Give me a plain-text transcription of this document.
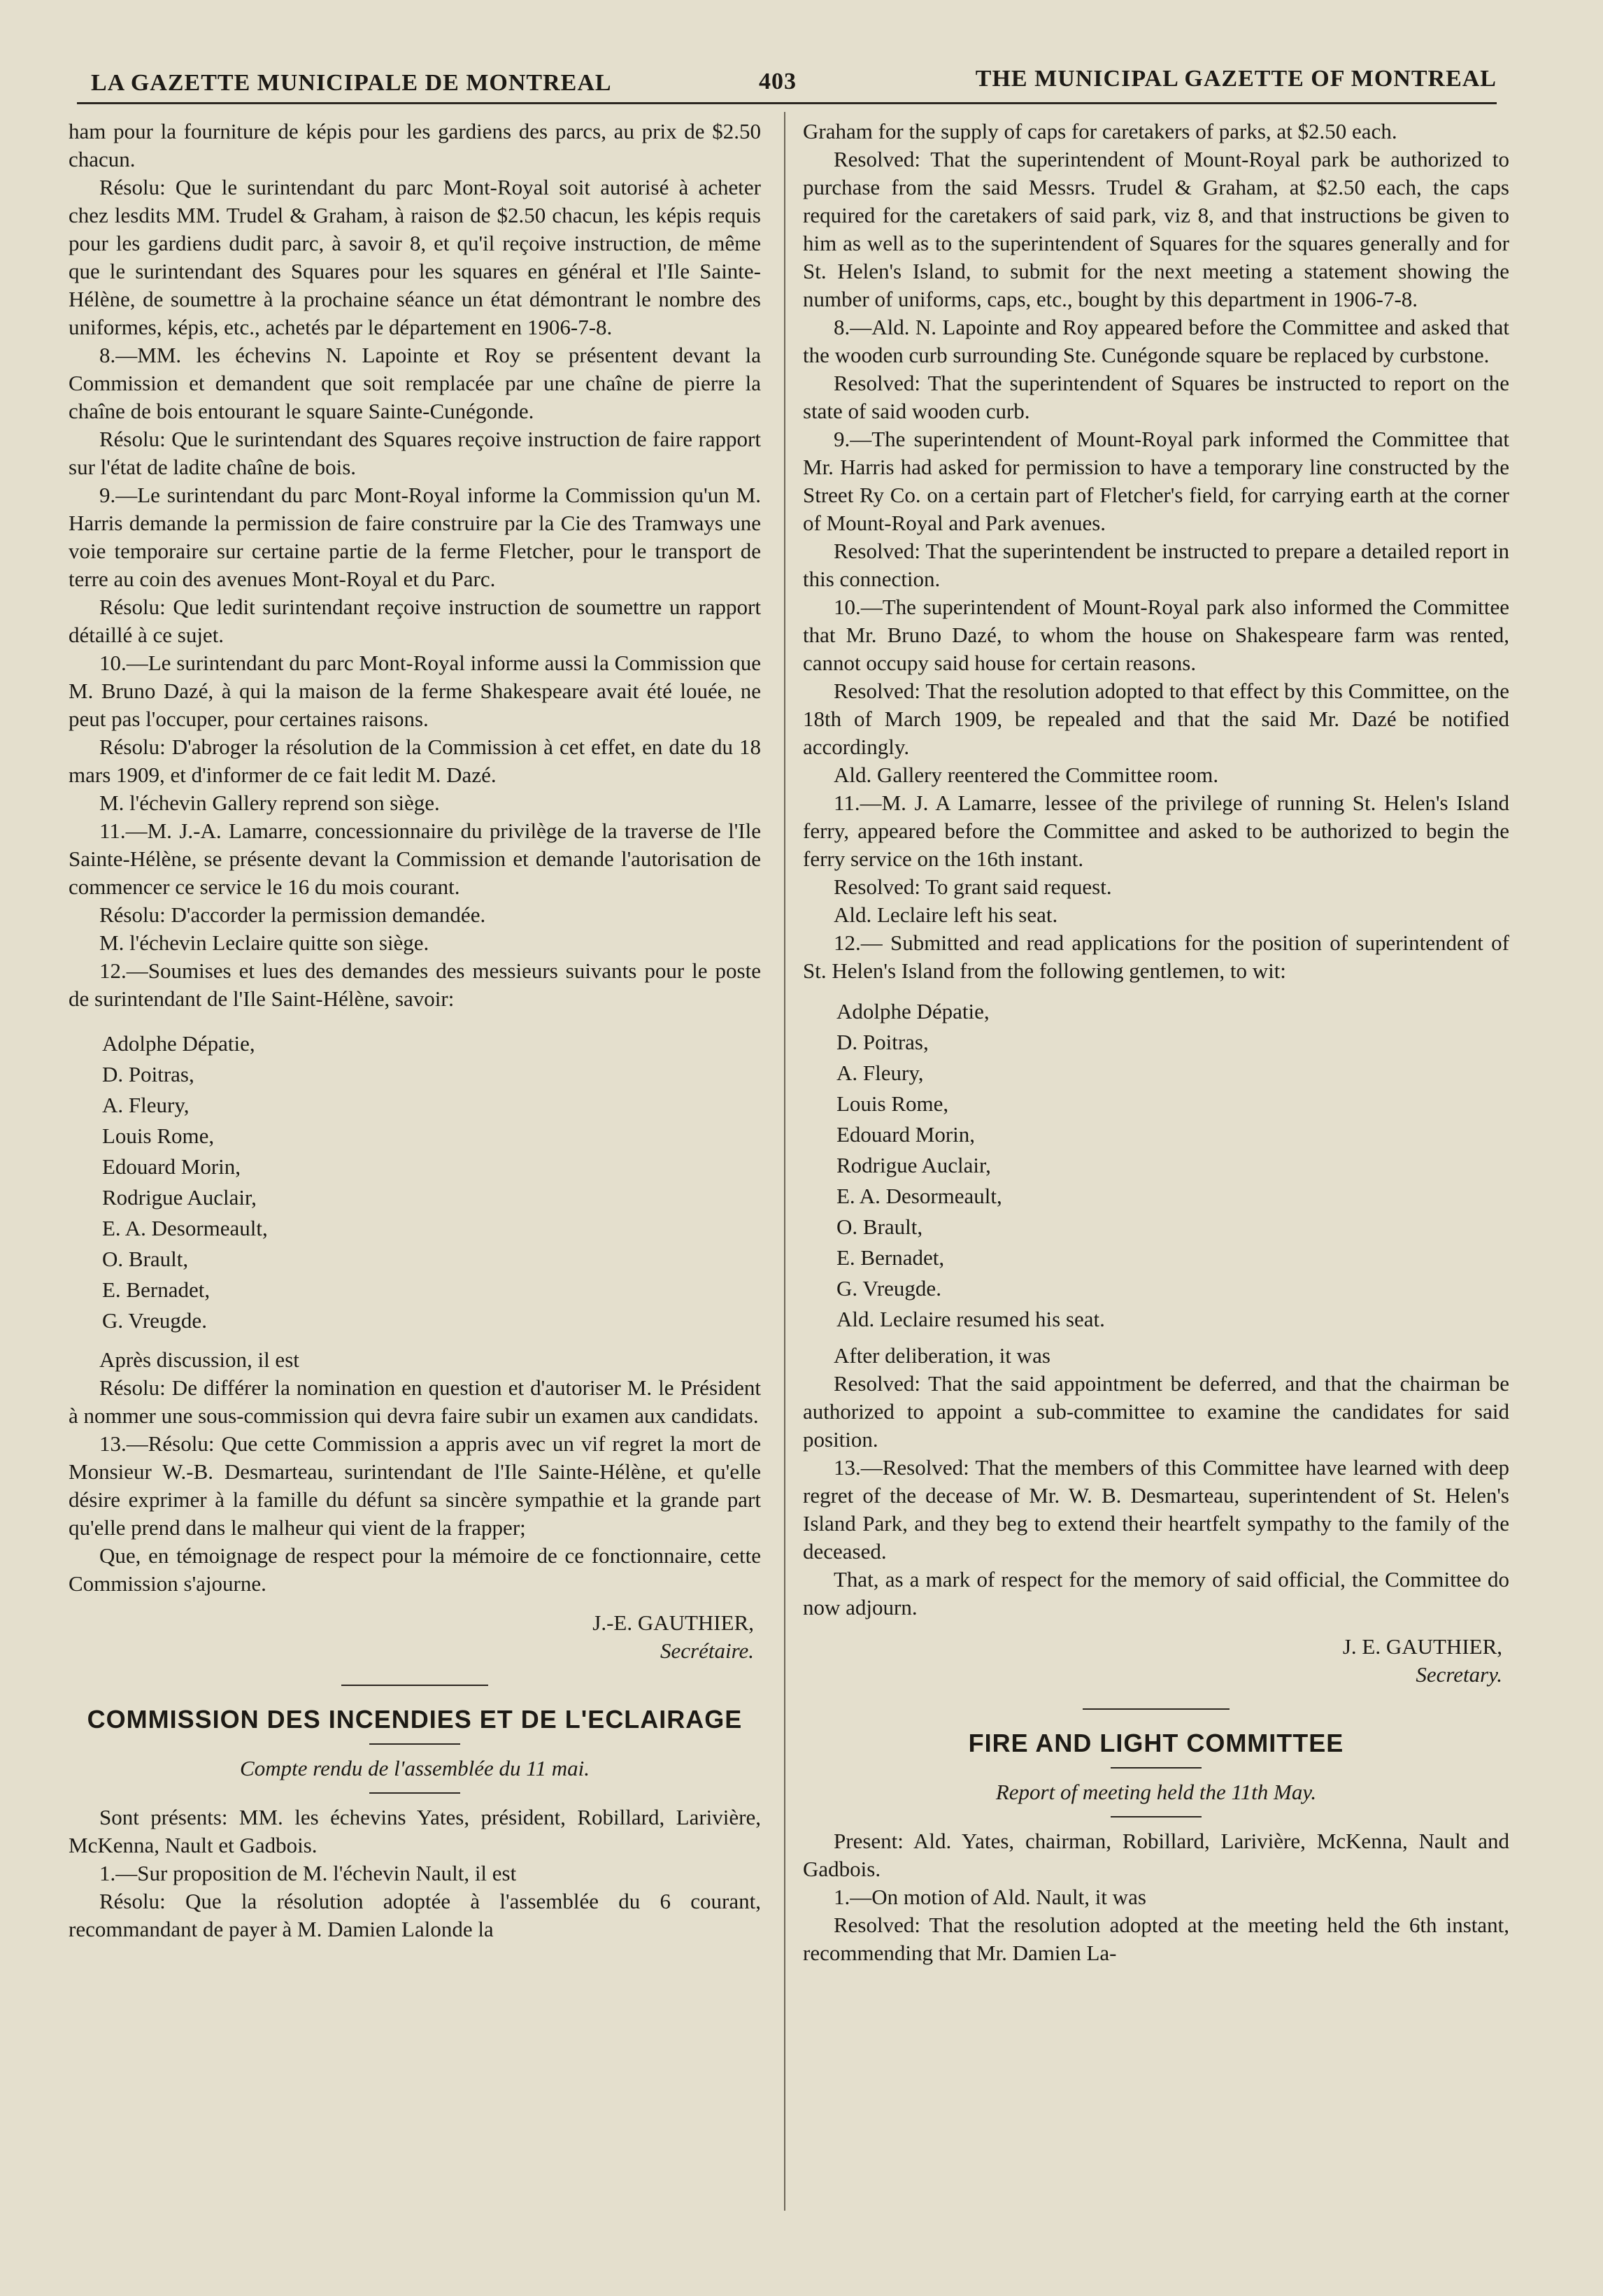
LA GAZETTE MUNICIPALE DE MONTREAL	403	THE MUNICIPAL GAZETTE OF MONTREAL

ham pour la fourniture de képis pour les gardiens des parcs, au prix de $2.50 chacun.

Résolu: Que le surintendant du parc Mont-Royal soit autorisé à acheter chez lesdits MM. Trudel & Graham, à raison de $2.50 chacun, les képis requis pour les gardiens dudit parc, à savoir 8, et qu'il reçoive instruction, de même que le surintendant des Squares pour les squares en général et l'Ile Sainte-Hélène, de soumettre à la prochaine séance un état démontrant le nombre des uniformes, képis, etc., achetés par le département en 1906-7-8.

8.—MM. les échevins N. Lapointe et Roy se présentent devant la Commission et demandent que soit remplacée par une chaîne de pierre la chaîne de bois entourant le square Sainte-Cunégonde.

Résolu: Que le surintendant des Squares reçoive instruction de faire rapport sur l'état de ladite chaîne de bois.

9.—Le surintendant du parc Mont-Royal informe la Commission qu'un M. Harris demande la permission de faire construire par la Cie des Tramways une voie temporaire sur certaine partie de la ferme Fletcher, pour le transport de terre au coin des avenues Mont-Royal et du Parc.

Résolu: Que ledit surintendant reçoive instruction de soumettre un rapport détaillé à ce sujet.

10.—Le surintendant du parc Mont-Royal informe aussi la Commission que M. Bruno Dazé, à qui la maison de la ferme Shakespeare avait été louée, ne peut pas l'occuper, pour certaines raisons.

Résolu: D'abroger la résolution de la Commission à cet effet, en date du 18 mars 1909, et d'informer de ce fait ledit M. Dazé.

M. l'échevin Gallery reprend son siège.

11.—M. J.-A. Lamarre, concessionnaire du privilège de la traverse de l'Ile Sainte-Hélène, se présente devant la Commission et demande l'autorisation de commencer ce service le 16 du mois courant.

Résolu: D'accorder la permission demandée.

M. l'échevin Leclaire quitte son siège.

12.—Soumises et lues des demandes des messieurs suivants pour le poste de surintendant de l'Ile Saint-Hélène, savoir:

Adolphe Dépatie,
D. Poitras,
A. Fleury,
Louis Rome,
Edouard Morin,
Rodrigue Auclair,
E. A. Desormeault,
O. Brault,
E. Bernadet,
G. Vreugde.

Après discussion, il est

Résolu: De différer la nomination en question et d'autoriser M. le Président à nommer une sous-commission qui devra faire subir un examen aux candidats.

13.—Résolu: Que cette Commission a appris avec un vif regret la mort de Monsieur W.-B. Desmarteau, surintendant de l'Ile Sainte-Hélène, et qu'elle désire exprimer à la famille du défunt sa sincère sympathie et la grande part qu'elle prend dans le malheur qui vient de la frapper;

Que, en témoignage de respect pour la mémoire de ce fonctionnaire, cette Commission s'ajourne.

J.-E. GAUTHIER,
Secrétaire.
COMMISSION DES INCENDIES ET DE L'ECLAIRAGE
Compte rendu de l'assemblée du 11 mai.

Sont présents: MM. les échevins Yates, président, Robillard, Larivière, McKenna, Nault et Gadbois.

1.—Sur proposition de M. l'échevin Nault, il est

Résolu: Que la résolution adoptée à l'assemblée du 6 courant, recommandant de payer à M. Damien Lalonde la

Graham for the supply of caps for caretakers of parks, at $2.50 each.

Resolved: That the superintendent of Mount-Royal park be authorized to purchase from the said Messrs. Trudel & Graham, at $2.50 each, the caps required for the caretakers of said park, viz 8, and that instructions be given to him as well as to the superintendent of Squares for the squares generally and for St. Helen's Island, to submit for the next meeting a statement showing the number of uniforms, caps, etc., bought by this department in 1906-7-8.

8.—Ald. N. Lapointe and Roy appeared before the Committee and asked that the wooden curb surrounding Ste. Cunégonde square be replaced by curbstone.

Resolved: That the superintendent of Squares be instructed to report on the state of said wooden curb.

9.—The superintendent of Mount-Royal park informed the Committee that Mr. Harris had asked for permission to have a temporary line constructed by the Street Ry Co. on a certain part of Fletcher's field, for carrying earth at the corner of Mount-Royal and Park avenues.

Resolved: That the superintendent be instructed to prepare a detailed report in this connection.

10.—The superintendent of Mount-Royal park also informed the Committee that Mr. Bruno Dazé, to whom the house on Shakespeare farm was rented, cannot occupy said house for certain reasons.

Resolved: That the resolution adopted to that effect by this Committee, on the 18th of March 1909, be repealed and that the said Mr. Dazé be notified accordingly.

Ald. Gallery reentered the Committee room.

11.—M. J. A Lamarre, lessee of the privilege of running St. Helen's Island ferry, appeared before the Committee and asked to be authorized to begin the ferry service on the 16th instant.

Resolved: To grant said request.

Ald. Leclaire left his seat.

12.— Submitted and read applications for the position of superintendent of St. Helen's Island from the following gentlemen, to wit:

Adolphe Dépatie,
D. Poitras,
A. Fleury,
Louis Rome,
Edouard Morin,
Rodrigue Auclair,
E. A. Desormeault,
O. Brault,
E. Bernadet,
G. Vreugde.
Ald. Leclaire resumed his seat.

After deliberation, it was

Resolved: That the said appointment be deferred, and that the chairman be authorized to appoint a sub-committee to examine the candidates for said position.

13.—Resolved: That the members of this Committee have learned with deep regret of the decease of Mr. W. B. Desmarteau, superintendent of St. Helen's Island Park, and they beg to extend their heartfelt sympathy to the family of the deceased.

That, as a mark of respect for the memory of said official, the Committee do now adjourn.

J. E. GAUTHIER,
Secretary.
FIRE AND LIGHT COMMITTEE
Report of meeting held the 11th May.

Present: Ald. Yates, chairman, Robillard, Larivière, McKenna, Nault and Gadbois.

1.—On motion of Ald. Nault, it was

Resolved: That the resolution adopted at the meeting held the 6th instant, recommending that Mr. Damien La-
